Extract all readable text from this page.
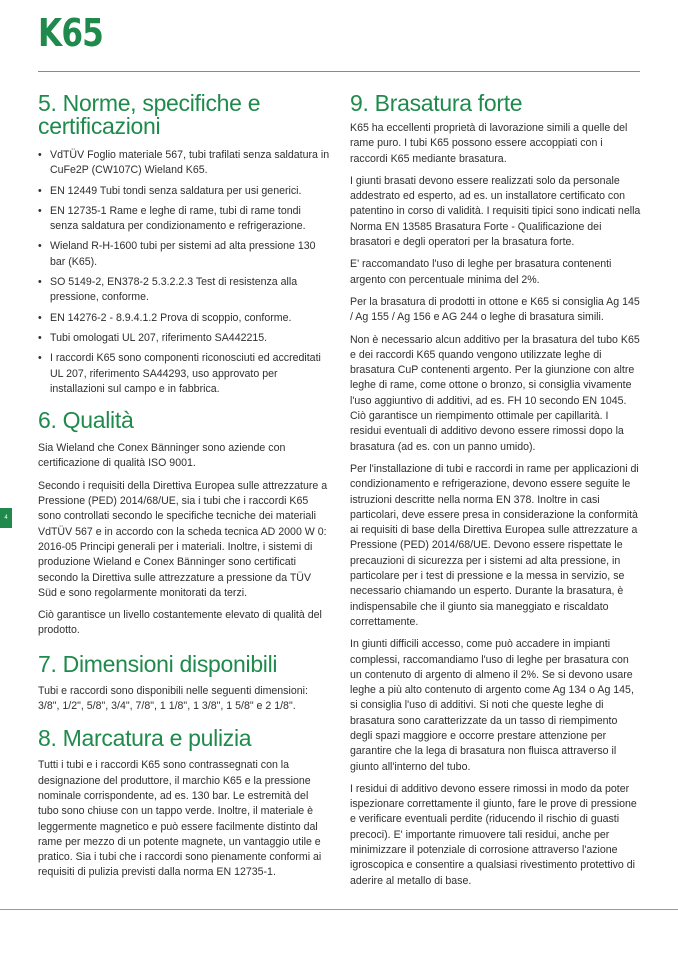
K65
4
5. Norme, specifiche e certificazioni
• VdTÜV Foglio materiale 567, tubi trafilati senza saldatura in CuFe2P (CW107C) Wieland K65.
• EN 12449 Tubi tondi senza saldatura per usi generici.
• EN 12735-1 Rame e leghe di rame, tubi di rame tondi senza saldatura per condizionamento e refrigerazione.
• Wieland R-H-1600 tubi per sistemi ad alta pressione 130 bar (K65).
• SO 5149-2, EN378-2 5.3.2.2.3 Test di resistenza alla pressione, conforme.
• EN 14276-2 - 8.9.4.1.2 Prova di scoppio, conforme.
• Tubi omologati UL 207, riferimento SA442215.
• I raccordi K65 sono componenti riconosciuti ed accreditati UL 207, riferimento SA44293, uso approvato per installazioni sul campo e in fabbrica.
6. Qualità

Sia Wieland che Conex Bänninger sono aziende con certificazione di qualità ISO 9001.

Secondo i requisiti della Direttiva Europea sulle attrezzature a Pressione (PED) 2014/68/UE, sia i tubi che i raccordi K65 sono controllati secondo le specifiche tecniche dei materiali VdTÜV 567 e in accordo con la scheda tecnica AD 2000 W 0: 2016-05 Principi generali per i materiali. Inoltre, i sistemi di produzione Wieland e Conex Bänninger sono certificati secondo la Direttiva sulle attrezzature a pressione da TÜV Süd e sono regolarmente monitorati da terzi.

Ciò garantisce un livello costantemente elevato di qualità del prodotto.

7. Dimensioni disponibili

Tubi e raccordi sono disponibili nelle seguenti dimensioni: 3/8", 1/2", 5/8", 3/4", 7/8", 1 1/8", 1 3/8", 1 5/8" e 2 1/8".

8. Marcatura e pulizia

Tutti i tubi e i raccordi K65 sono contrassegnati con la designazione del produttore, il marchio K65 e la pressione nominale corrispondente, ad es. 130 bar. Le estremità del tubo sono chiuse con un tappo verde. Inoltre, il materiale è leggermente magnetico e può essere facilmente distinto dal rame per mezzo di un potente magnete, un vantaggio utile e pratico. Sia i tubi che i raccordi sono pienamente conformi ai requisiti di pulizia previsti dalla norma EN 12735-1.

9. Brasatura forte

K65 ha eccellenti proprietà di lavorazione simili a quelle del rame puro. I tubi K65 possono essere accoppiati con i raccordi K65 mediante brasatura.

I giunti brasati devono essere realizzati solo da personale addestrato ed esperto, ad es. un installatore certificato con patentino in corso di validità. I requisiti tipici sono indicati nella Norma EN 13585 Brasatura Forte - Qualificazione dei brasatori e degli operatori per la brasatura forte.

E' raccomandato l'uso di leghe per brasatura contenenti argento con percentuale minima del 2%.

Per la brasatura di prodotti in ottone e K65 si consiglia Ag 145 / Ag 155 / Ag 156 e AG 244 o leghe di brasatura simili.

Non è necessario alcun additivo per la brasatura del tubo K65 e dei raccordi K65 quando vengono utilizzate leghe di brasatura CuP contenenti argento. Per la giunzione con altre leghe di rame, come ottone o bronzo, si consiglia vivamente l'uso aggiuntivo di additivi, ad es. FH 10 secondo EN 1045. Ciò garantisce un riempimento ottimale per capillarità. I residui eventuali di additivo devono essere rimossi dopo la brasatura (ad es. con un panno umido).

Per l'installazione di tubi e raccordi in rame per applicazioni di condizionamento e refrigerazione, devono essere seguite le istruzioni descritte nella norma EN 378. Inoltre in casi particolari, deve essere presa in considerazione la conformità ai requisiti di base della Direttiva Europea sulle attrezzature a Pressione (PED) 2014/68/UE. Devono essere rispettate le precauzioni di sicurezza per i sistemi ad alta pressione, in particolare per i test di pressione e la messa in servizio, se necessario chiamando un esperto. Durante la brasatura, è indispensabile che il giunto sia maneggiato e riscaldato correttamente.

In giunti difficili accesso, come può accadere in impianti complessi, raccomandiamo l'uso di leghe per brasatura con un contenuto di argento di almeno il 2%. Se si devono usare leghe a più alto contenuto di argento come Ag 134 o Ag 145, si consiglia l'uso di additivi. Si noti che queste leghe di brasatura sono caratterizzate da un tasso di riempimento degli spazi maggiore e occorre prestare attenzione per garantire che la lega di brasatura non fluisca attraverso il giunto all'interno del tubo.

I residui di additivo devono essere rimossi in modo da poter ispezionare correttamente il giunto, fare le prove di pressione e verificare eventuali perdite (riducendo il rischio di guasti precoci). E' importante rimuovere tali residui, anche per minimizzare il potenziale di corrosione attraverso l'azione igroscopica e consentire a qualsiasi rivestimento protettivo di aderire al metallo di base.
